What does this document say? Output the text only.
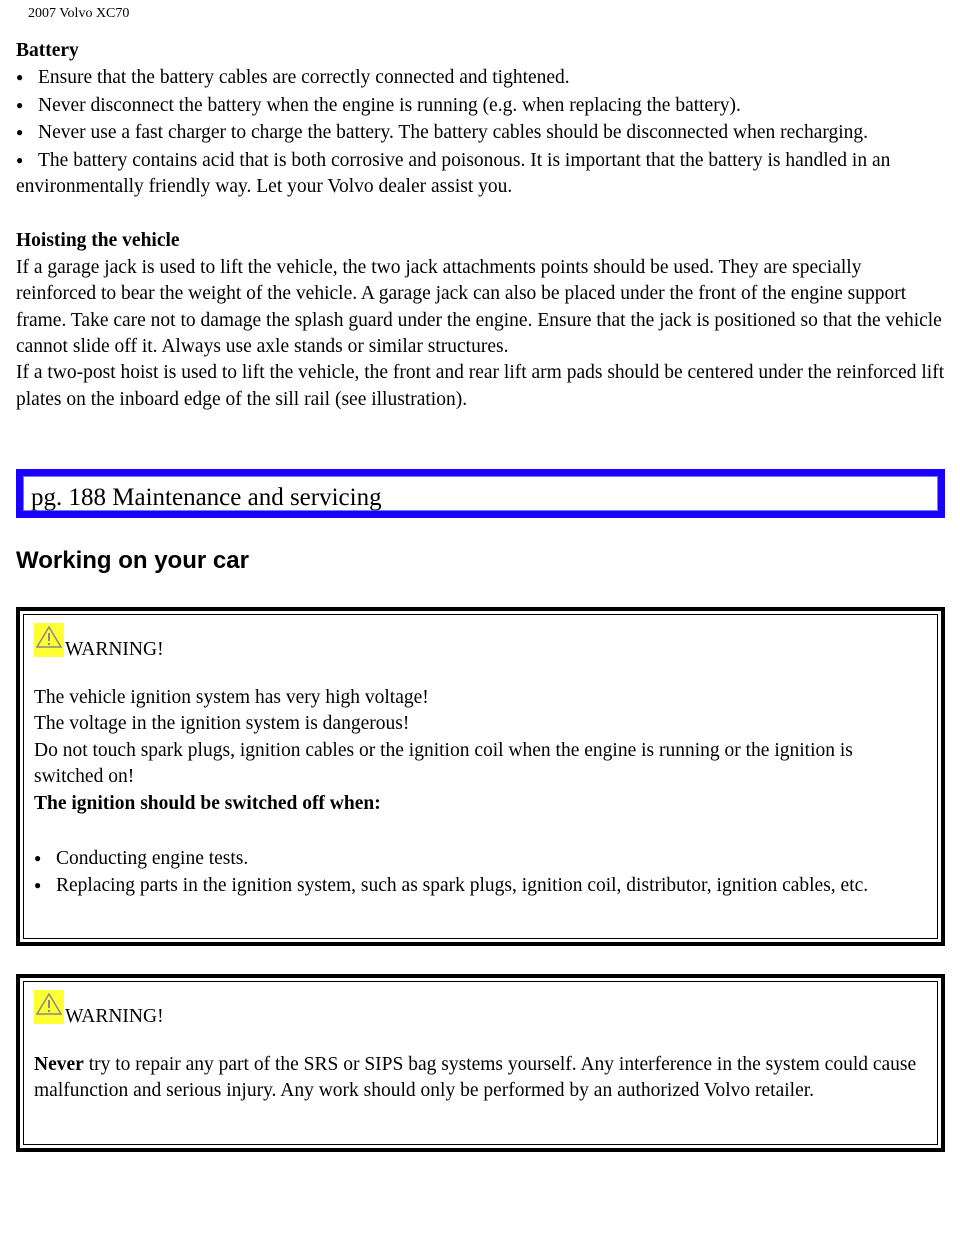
2007 Volvo XC70

Battery

● Ensure that the battery cables are correctly connected and tightened.

● Never disconnect the battery when the engine is running (e.g. when replacing the battery).

● Never use a fast charger to charge the battery. The battery cables should be disconnected when recharging.

● The battery contains acid that is both corrosive and poisonous. It is important that the battery is handled in an environmentally friendly way. Let your Volvo dealer assist you.

Hoisting the vehicle

If a garage jack is used to lift the vehicle, the two jack attachments points should be used. They are specially reinforced to bear the weight of the vehicle. A garage jack can also be placed under the front of the engine support frame. Take care not to damage the splash guard under the engine. Ensure that the jack is positioned so that the vehicle cannot slide off it. Always use axle stands or similar structures.

If a two-post hoist is used to lift the vehicle, the front and rear lift arm pads should be centered under the reinforced lift plates on the inboard edge of the sill rail (see illustration).

pg. 188 Maintenance and servicing
Working on your car
WARNING!

The vehicle ignition system has very high voltage!

The voltage in the ignition system is dangerous!

Do not touch spark plugs, ignition cables or the ignition coil when the engine is running or the ignition is switched on!

The ignition should be switched off when:

● Conducting engine tests.

● Replacing parts in the ignition system, such as spark plugs, ignition coil, distributor, ignition cables, etc.

WARNING!

Never try to repair any part of the SRS or SIPS bag systems yourself. Any interference in the system could cause malfunction and serious injury. Any work should only be performed by an authorized Volvo retailer.
